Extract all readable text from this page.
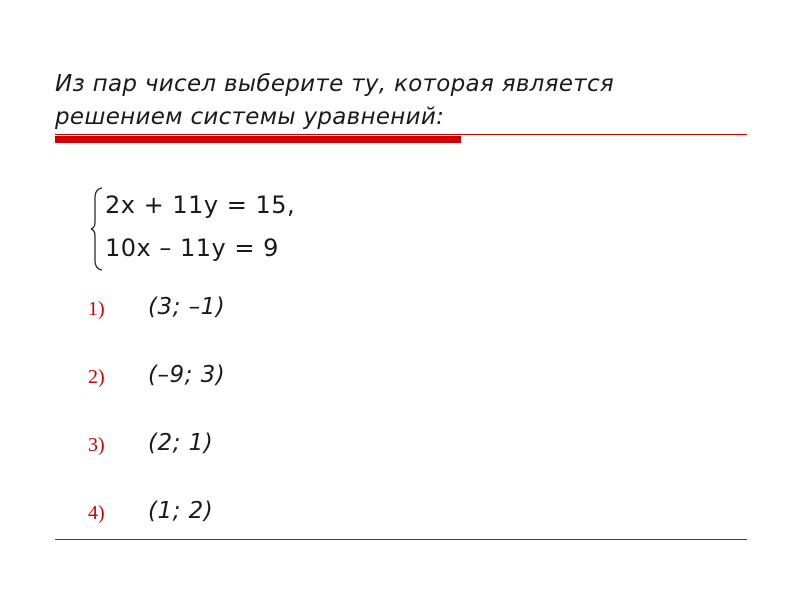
Из пар чисел выберите ту, которая является
решением системы уравнений:
2x + 11y = 15,
10x – 11y = 9
1) (3; –1)
2) (–9; 3)
3) (2; 1)
4) (1; 2)
